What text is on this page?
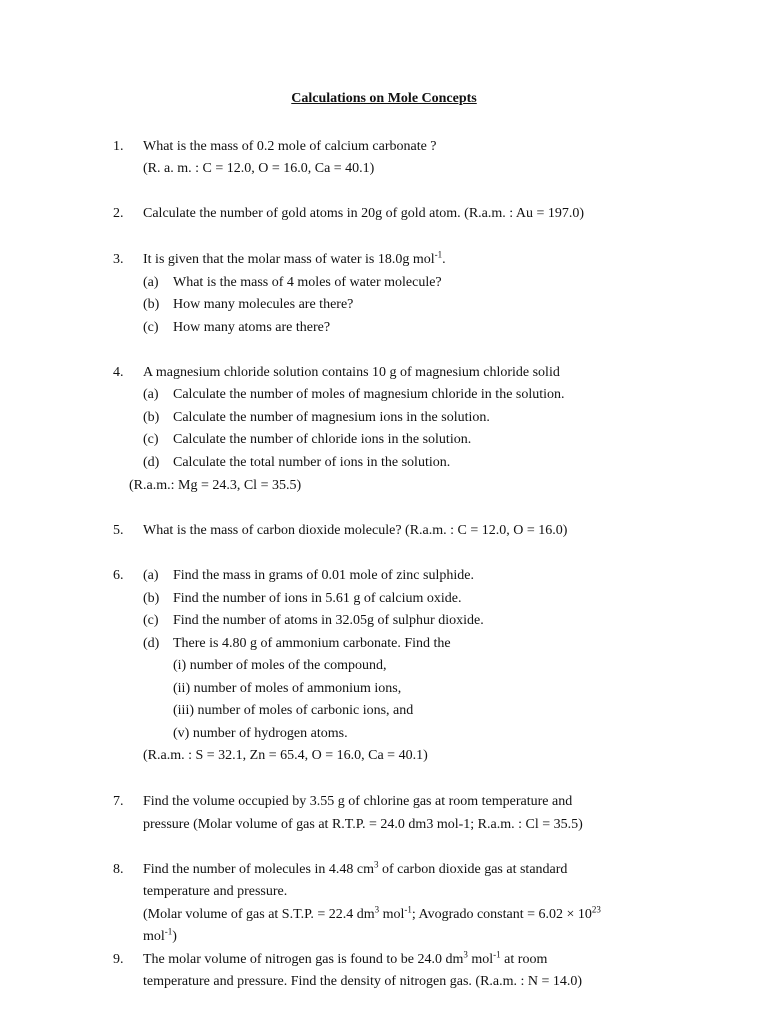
Calculations on Mole Concepts
1. What is the mass of 0.2 mole of calcium carbonate ?
(R. a. m. : C = 12.0, O = 16.0, Ca = 40.1)
2. Calculate the number of gold atoms in 20g of gold atom. (R.a.m. : Au = 197.0)
3. It is given that the molar mass of water is 18.0g mol$^{-1}$.
(a) What is the mass of 4 moles of water molecule?
(b) How many molecules are there?
(c) How many atoms are there?
4. A magnesium chloride solution contains 10 g of magnesium chloride solid
(a) Calculate the number of moles of magnesium chloride in the solution.
(b) Calculate the number of magnesium ions in the solution.
(c) Calculate the number of chloride ions in the solution.
(d) Calculate the total number of ions in the solution.
(R.a.m.: Mg = 24.3, Cl = 35.5)
5. What is the mass of carbon dioxide molecule? (R.a.m. : C = 12.0, O = 16.0)
6. (a) Find the mass in grams of 0.01 mole of zinc sulphide.
(b) Find the number of ions in 5.61 g of calcium oxide.
(c) Find the number of atoms in 32.05g of sulphur dioxide.
(d) There is 4.80 g of ammonium carbonate. Find the
(i) number of moles of the compound,
(ii) number of moles of ammonium ions,
(iii) number of moles of carbonic ions, and
(v) number of hydrogen atoms.
(R.a.m. : S = 32.1, Zn = 65.4, O = 16.0, Ca = 40.1)
7. Find the volume occupied by 3.55 g of chlorine gas at room temperature and
pressure (Molar volume of gas at R.T.P. = 24.0 dm3 mol-1; R.a.m. : Cl = 35.5)
8. Find the number of molecules in 4.48 $cm^3$ of carbon dioxide gas at standard
temperature and pressure.
(Molar volume of gas at S.T.P. = 22.4 $dm^3$ mol$^{-1}$; Avogrado constant = $6.02 \times 10^{23}$
mol$^{-1}$)
9. The molar volume of nitrogen gas is found to be 24.0 $dm^3$ mol$^{-1}$ at room
temperature and pressure. Find the density of nitrogen gas. (R.a.m. : N = 14.0)
